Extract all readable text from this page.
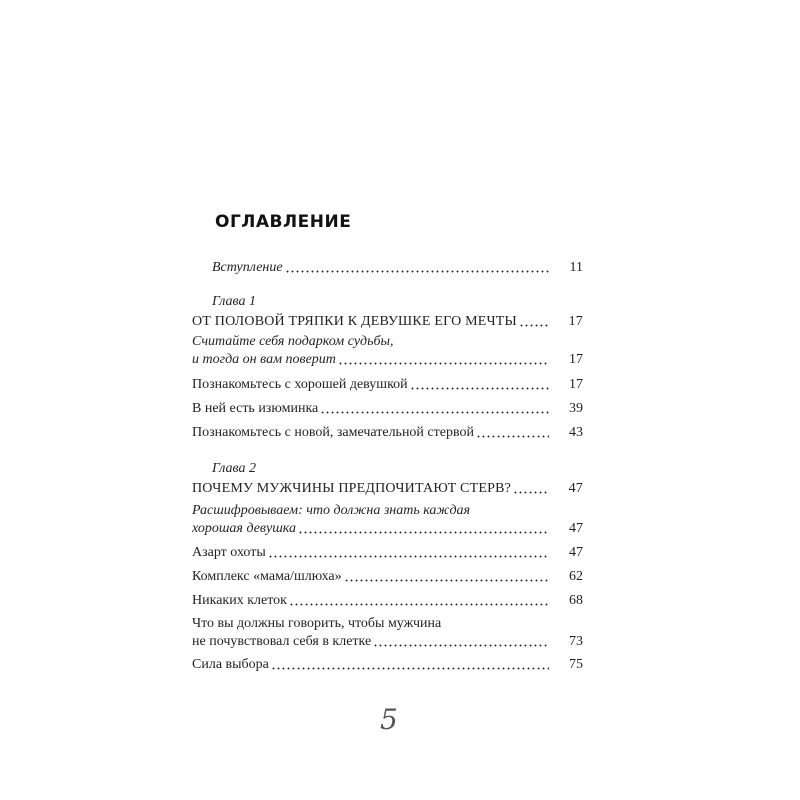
ОГЛАВЛЕНИЕ
Вступление	11
Глава 1
ОТ ПОЛОВОЙ ТРЯПКИ К ДЕВУШКЕ ЕГО МЕЧТЫ	17
Считайте себя подарком судьбы,
и тогда он вам поверит	17
Познакомьтесь с хорошей девушкой	17
В ней есть изюминка	39
Познакомьтесь с новой, замечательной стервой	43
Глава 2
ПОЧЕМУ МУЖЧИНЫ ПРЕДПОЧИТАЮТ СТЕРВ?	47
Расшифровываем: что должна знать каждая
хорошая девушка	47
Азарт охоты	47
Комплекс «мама/шлюха»	62
Никаких клеток	68
Что вы должны говорить, чтобы мужчина
не почувствовал себя в клетке	73
Сила выбора	75
5
